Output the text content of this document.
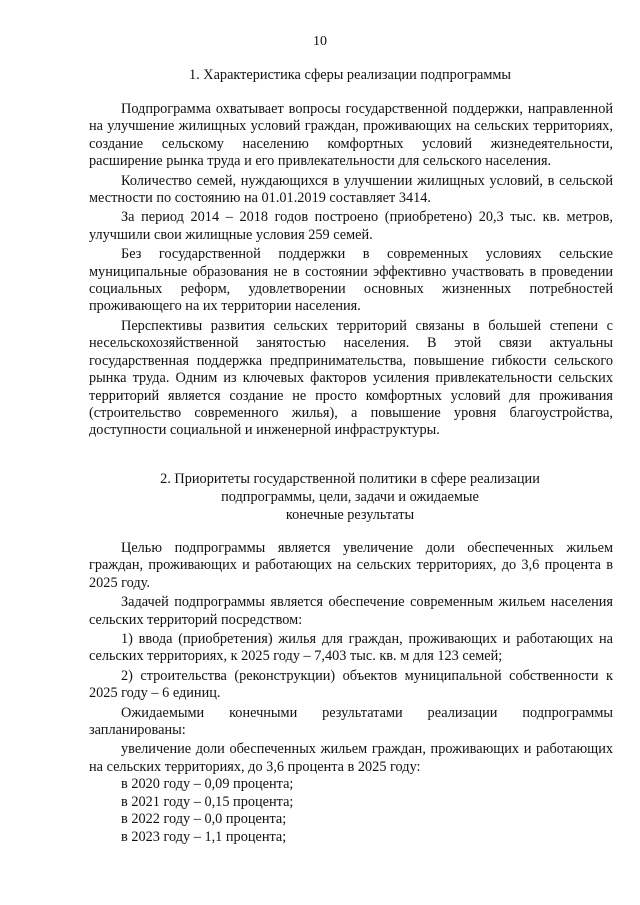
10
1. Характеристика сферы реализации подпрограммы

Подпрограмма охватывает вопросы государственной поддержки, направленной на улучшение жилищных условий граждан, проживающих на сельских территориях, создание сельскому населению комфортных условий жизнедеятельности, расширение рынка труда и его привлекательности для сельского населения.

Количество семей, нуждающихся в улучшении жилищных условий, в сельской местности по состоянию на 01.01.2019 составляет 3414.

За период 2014 – 2018 годов построено (приобретено) 20,3 тыс. кв. метров, улучшили свои жилищные условия 259 семей.

Без государственной поддержки в современных условиях сельские муниципальные образования не в состоянии эффективно участвовать в проведении социальных реформ, удовлетворении основных жизненных потребностей проживающего на их территории населения.

Перспективы развития сельских территорий связаны в большей степени с несельскохозяйственной занятостью населения. В этой связи актуальны государственная поддержка предпринимательства, повышение гибкости сельского рынка труда. Одним из ключевых факторов усиления привлекательности сельских территорий является создание не просто комфортных условий для проживания (строительство современного жилья), а повышение уровня благоустройства, доступности социальной и инженерной инфраструктуры.

2. Приоритеты государственной политики в сфере реализации
подпрограммы, цели, задачи и ожидаемые
конечные результаты

Целью подпрограммы является увеличение доли обеспеченных жильем граждан, проживающих и работающих на сельских территориях, до 3,6 процента в 2025 году.

Задачей подпрограммы является обеспечение современным жильем населения сельских территорий посредством:

1) ввода (приобретения) жилья для граждан, проживающих и работающих на сельских территориях, к 2025 году – 7,403 тыс. кв. м для 123 семей;

2) строительства (реконструкции) объектов муниципальной собственности к 2025 году – 6 единиц.

Ожидаемыми конечными результатами реализации подпрограммы запланированы:

увеличение доли обеспеченных жильем граждан, проживающих и работающих на сельских территориях, до 3,6 процента в 2025 году:

в 2020 году – 0,09 процента;

в 2021 году – 0,15 процента;

в 2022 году – 0,0 процента;

в 2023 году – 1,1 процента;
